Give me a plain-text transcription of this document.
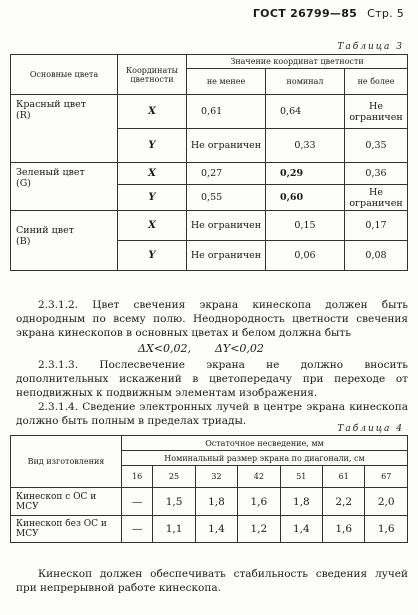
ГОСТ 26799—85 Стр. 5
Таблица 3
Основные цвета	Координаты цветности	Значение координат цветности		
		не менее	номинал	не более
Красный цвет
(R)	X	0,61	0,64	Не ограничен
	Y	Не ограничен	0,33	0,35
Зеленый цвет
(G)	X	0,27	0,29	0,36
	Y	0,55	0,60	Не ограничен
Синий цвет
(B)	X	Не ограничен	0,15	0,17
	Y	Не ограничен	0,06	0,08
2.3.1.2. Цвет свечения экрана кинескопа должен быть однородным по всему полю. Неоднородность цветности свечения экрана кинескопов в основных цветах и белом должна быть
ΔX<0,02, ΔY<0,02
2.3.1.3. Послесвечение экрана не должно вносить дополнительных искажений в цветопередачу при переходе от неподвижных к подвижным элементам изображения.
2.3.1.4. Сведение электронных лучей в центре экрана кинескопа должно быть полным в пределах триады.
Таблица 4
Вид изготовления	Остаточное несведение, мм						
	Номинальный размер экрана по диагонали, см						
	16	25	32	42	51	61	67
Кинескоп с ОС и МСУ	—	1,5	1,8	1,6	1,8	2,2	2,0
Кинескоп без ОС и МСУ	—	1,1	1,4	1,2	1,4	1,6	1,6
Кинескоп должен обеспечивать стабильность сведения лучей при непрерывной работе кинескопа.
